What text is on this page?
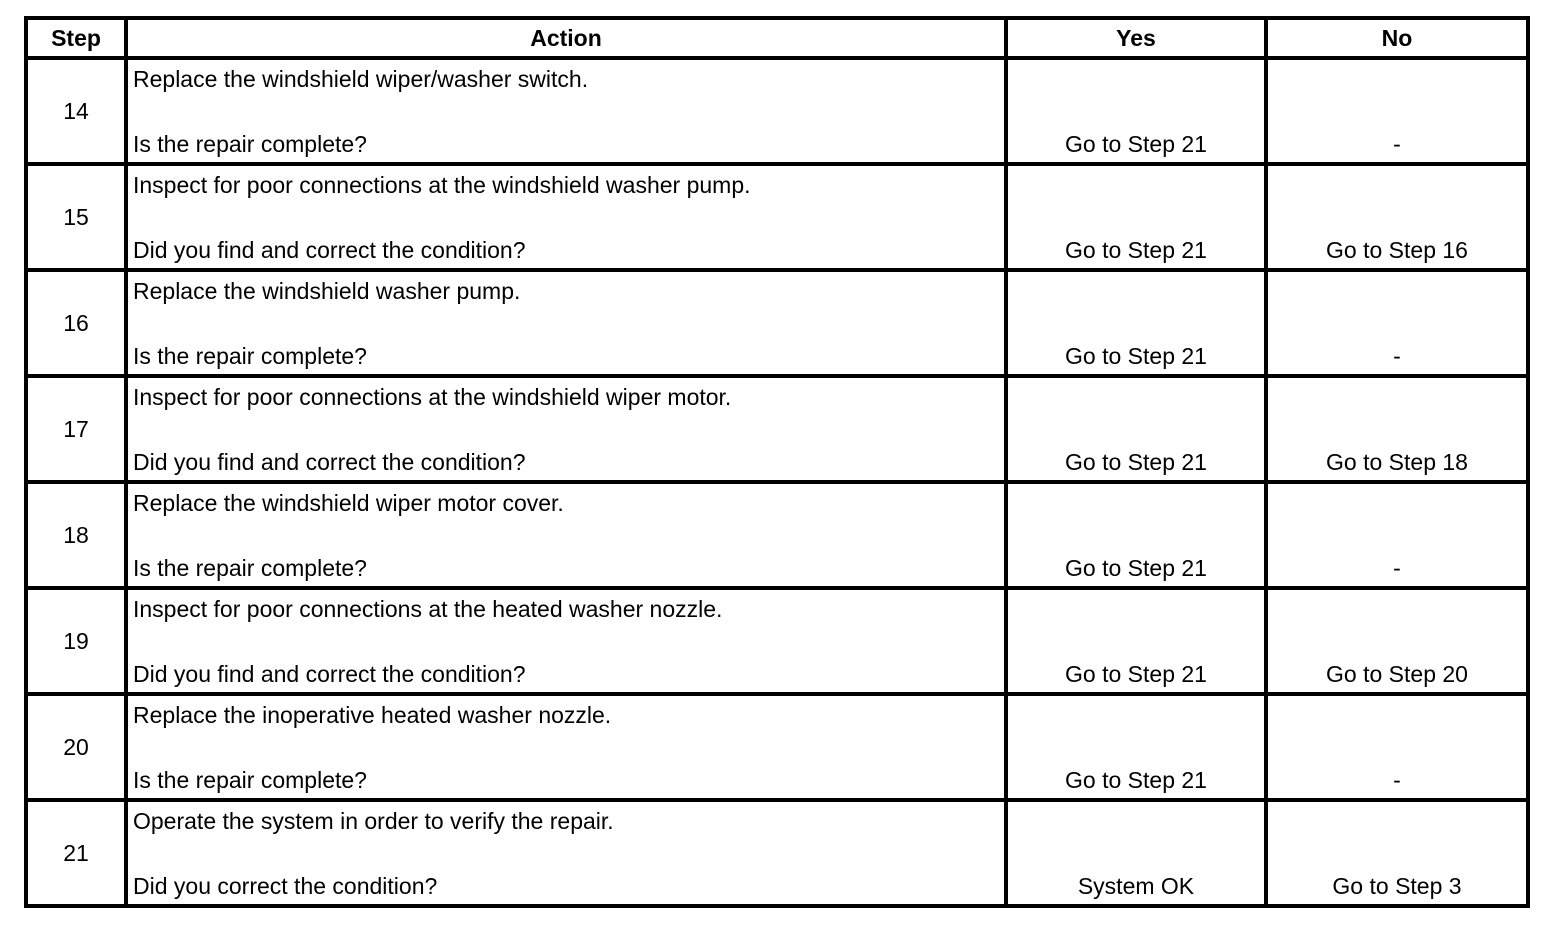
Step	Action	Yes	No
14	Replace the windshield wiper/washer switch.
Is the repair complete?	Go to Step 21	-

15	Inspect for poor connections at the windshield washer pump.
Did you find and correct the condition?	Go to Step 21	Go to Step 16

16	Replace the windshield washer pump.
Is the repair complete?	Go to Step 21	-

17	Inspect for poor connections at the windshield wiper motor.
Did you find and correct the condition?	Go to Step 21	Go to Step 18

18	Replace the windshield wiper motor cover.
Is the repair complete?	Go to Step 21	-

19	Inspect for poor connections at the heated washer nozzle.
Did you find and correct the condition?	Go to Step 21	Go to Step 20

20	Replace the inoperative heated washer nozzle.
Is the repair complete?	Go to Step 21	-

21	Operate the system in order to verify the repair.
Did you correct the condition?	System OK	Go to Step 3
